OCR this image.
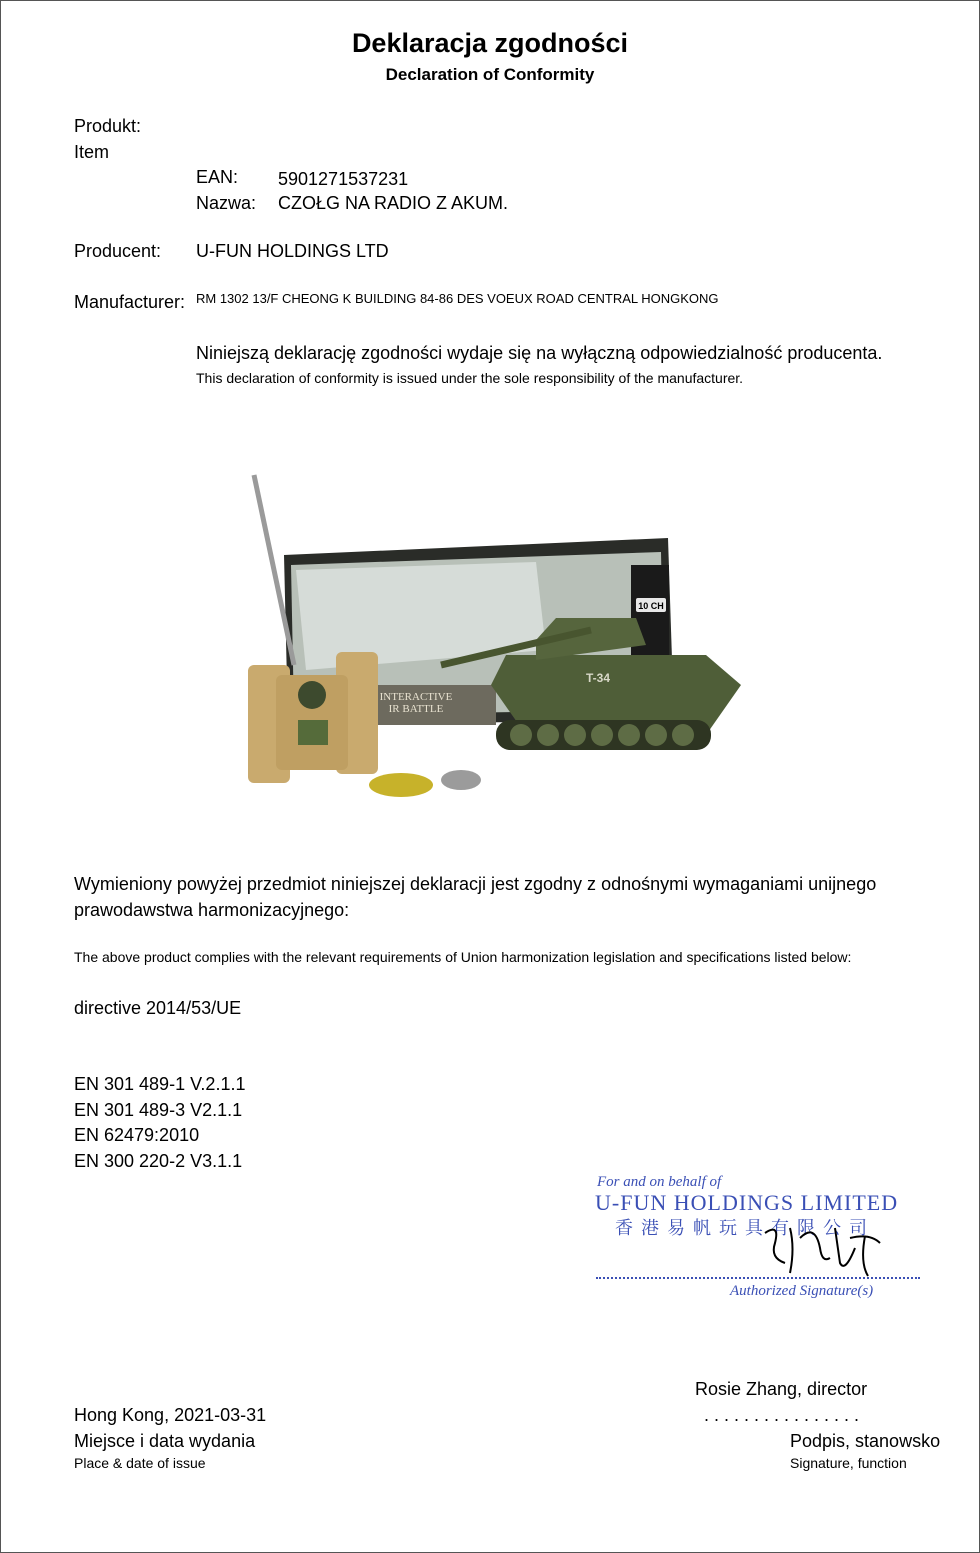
Deklaracja zgodności
Declaration of Conformity
Produkt:
Item
EAN: 5901271537231
Nazwa: CZOŁG NA RADIO Z AKUM.
Producent: U-FUN HOLDINGS LTD
Manufacturer: RM 1302 13/F CHEONG K BUILDING 84-86 DES VOEUX ROAD CENTRAL HONGKONG
Niniejszą deklarację zgodności wydaje się na wyłączną odpowiedzialność producenta.
This declaration of conformity is issued under the sole responsibility of the manufacturer.
10 CH
INTERACTIVE
IR BATTLE
T-34
Wymieniony powyżej przedmiot niniejszej deklaracji jest zgodny z odnośnymi wymaganiami unijnego
prawodawstwa harmonizacyjnego:
The above product complies with the relevant requirements of Union harmonization legislation and specifications listed below:
directive 2014/53/UE
EN 301 489-1 V.2.1.1
EN 301 489-3 V2.1.1
EN 62479:2010
EN 300 220-2 V3.1.1
For and on behalf of
U-FUN HOLDINGS LIMITED
香港易帆玩具有限公司
Authorized Signature(s)
Rosie Zhang, director
. . . . . . . . . . . . . . . .
Hong Kong, 2021-03-31
Miejsce i data wydania	Podpis, stanowsko
Place & date of issue	Signature, function
